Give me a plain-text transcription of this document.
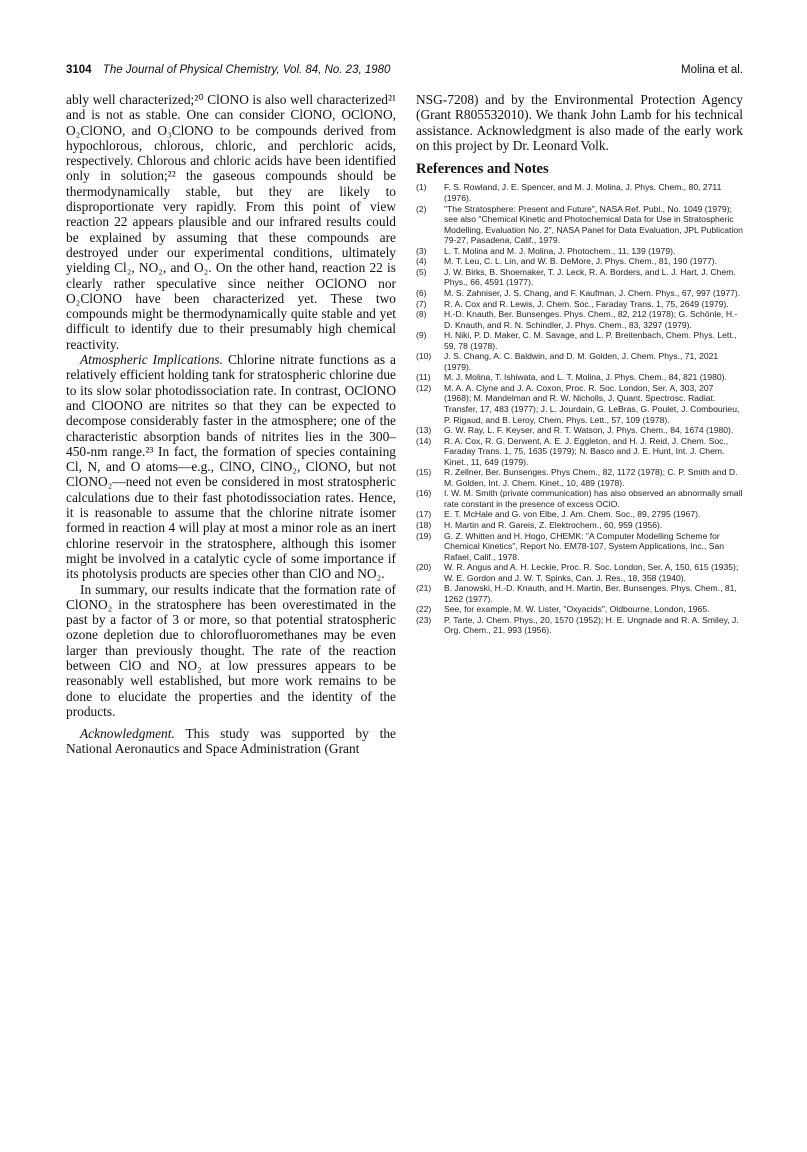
3104 The Journal of Physical Chemistry, Vol. 84, No. 23, 1980	Molina et al.

ably well characterized;²⁰ ClONO is also well characterized²¹ and is not as stable. One can consider ClONO, OClONO, O₂ClONO, and O₃ClONO to be compounds derived from hypochlorous, chlorous, chloric, and perchloric acids, respectively. Chlorous and chloric acids have been identified only in solution;²² the gaseous compounds should be thermodynamically stable, but they are likely to disproportionate very rapidly. From this point of view reaction 22 appears plausible and our infrared results could be explained by assuming that these compounds are destroyed under our experimental conditions, ultimately yielding Cl₂, NO₂, and O₂. On the other hand, reaction 22 is clearly rather speculative since neither OClONO nor O₂ClONO have been characterized yet. These two compounds might be thermodynamically quite stable and yet difficult to identify due to their presumably high chemical reactivity.

Atmospheric Implications. Chlorine nitrate functions as a relatively efficient holding tank for stratospheric chlorine due to its slow solar photodissociation rate. In contrast, OClONO and ClOONO are nitrites so that they can be expected to decompose considerably faster in the atmosphere; one of the characteristic absorption bands of nitrites lies in the 300–450-nm range.²³ In fact, the formation of species containing Cl, N, and O atoms—e.g., ClNO, ClNO₂, ClONO, but not ClONO₂—need not even be considered in most stratospheric calculations due to their fast photodissociation rates. Hence, it is reasonable to assume that the chlorine nitrate isomer formed in reaction 4 will play at most a minor role as an inert chlorine reservoir in the stratosphere, although this isomer might be involved in a catalytic cycle of some importance if its photolysis products are species other than ClO and NO₂.

In summary, our results indicate that the formation rate of ClONO₂ in the stratosphere has been overestimated in the past by a factor of 3 or more, so that potential stratospheric ozone depletion due to chlorofluoromethanes may be even larger than previously thought. The rate of the reaction between ClO and NO₂ at low pressures appears to be reasonably well established, but more work remains to be done to elucidate the properties and the identity of the products.

Acknowledgment. This study was supported by the National Aeronautics and Space Administration (Grant

NSG-7208) and by the Environmental Protection Agency (Grant R805532010). We thank John Lamb for his technical assistance. Acknowledgment is also made of the early work on this project by Dr. Leonard Volk.

References and Notes

(1)	F. S. Rowland, J. E. Spencer, and M. J. Molina, J. Phys. Chem., 80, 2711 (1976).
(2)	"The Stratosphere: Present and Future", NASA Ref. Publ., No. 1049 (1979); see also "Chemical Kinetic and Photochemical Data for Use in Stratospheric Modelling, Evaluation No. 2", NASA Panel for Data Evaluation, JPL Publication 79-27, Pasadena, Calif., 1979.
(3)	L. T. Molina and M. J. Molina, J. Photochem., 11, 139 (1979).
(4)	M. T. Leu, C. L. Lin, and W. B. DeMore, J. Phys. Chem., 81, 190 (1977).
(5)	J. W. Birks, B. Shoemaker, T. J. Leck, R. A. Borders, and L. J. Hart, J. Chem. Phys., 66, 4591 (1977).
(6)	M. S. Zahniser, J. S. Chang, and F. Kaufman, J. Chem. Phys., 67, 997 (1977).
(7)	R. A. Cox and R. Lewis, J. Chem. Soc., Faraday Trans. 1, 75, 2649 (1979).
(8)	H.-D. Knauth, Ber. Bunsenges. Phys. Chem., 82, 212 (1978); G. Schönle, H.-D. Knauth, and R. N. Schindler, J. Phys. Chem., 83, 3297 (1979).
(9)	H. Niki, P. D. Maker, C. M. Savage, and L. P. Breitenbach, Chem. Phys. Lett., 59, 78 (1978).
(10)	J. S. Chang, A. C. Baldwin, and D. M. Golden, J. Chem. Phys., 71, 2021 (1979).
(11)	M. J. Molina, T. Ishiwata, and L. T. Molina, J. Phys. Chem., 84, 821 (1980).
(12)	M. A. A. Clyne and J. A. Coxon, Proc. R. Soc. London, Ser. A, 303, 207 (1968); M. Mandelman and R. W. Nicholls, J. Quant. Spectrosc. Radiat. Transfer, 17, 483 (1977); J. L. Jourdain, G. LeBras, G. Poulet, J. Combourieu, P. Rigaud, and B. Leroy, Chem. Phys. Lett., 57, 109 (1978).
(13)	G. W. Ray, L. F. Keyser, and R. T. Watson, J. Phys. Chem., 84, 1674 (1980).
(14)	R. A. Cox, R. G. Derwent, A. E. J. Eggleton, and H. J. Reid, J. Chem. Soc., Faraday Trans. 1, 75, 1635 (1979); N. Basco and J. E. Hunt, Int. J. Chem. Kinet., 11, 649 (1979).
(15)	R. Zellner, Ber. Bunsenges. Phys Chem., 82, 1172 (1978); C. P. Smith and D. M. Golden, Int. J. Chem. Kinet., 10, 489 (1978).
(16)	I. W. M. Smith (private communication) has also observed an abnormally small rate constant in the presence of excess OClO.
(17)	E. T. McHale and G. von Elbe, J. Am. Chem. Soc., 89, 2795 (1967).
(18)	H. Martin and R. Gareis, Z. Elektrochem., 60, 959 (1956).
(19)	G. Z. Whitten and H. Hogo, CHEMK: "A Computer Modelling Scheme for Chemical Kinetics", Report No. EM78-107, System Applications, Inc., San Rafael, Calif., 1978.
(20)	W. R. Angus and A. H. Leckie, Proc. R. Soc. London, Ser. A, 150, 615 (1935); W. E. Gordon and J. W. T. Spinks, Can. J. Res., 18, 358 (1940).
(21)	B. Janowski, H.-D. Knauth, and H. Martin, Ber. Bunsenges. Phys. Chem., 81, 1262 (1977).
(22)	See, for example, M. W. Lister, "Oxyacids", Oldbourne, London, 1965.
(23)	P. Tarte, J. Chem. Phys., 20, 1570 (1952); H. E. Ungnade and R. A. Smiley, J. Org. Chem., 21, 993 (1956).
